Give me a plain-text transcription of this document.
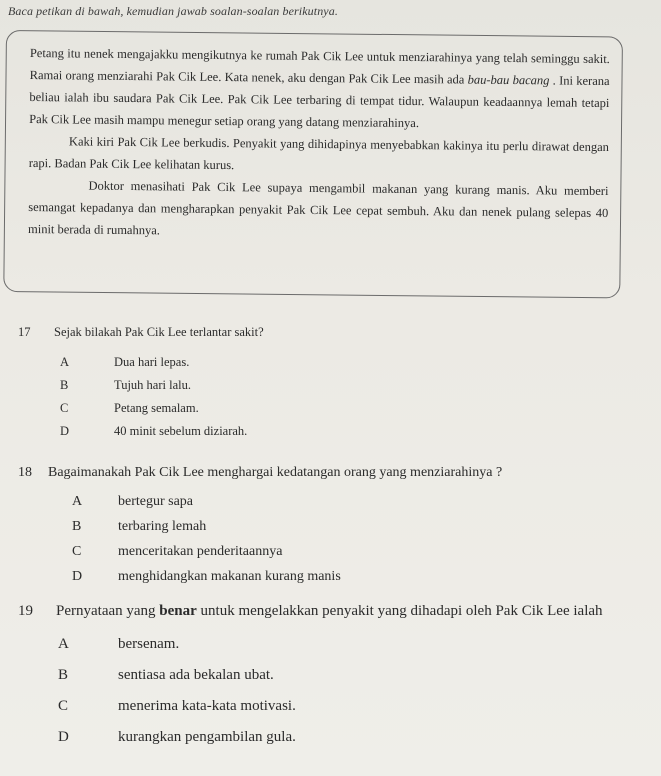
Baca petikan di bawah, kemudian jawab soalan-soalan berikutnya.

Petang itu nenek mengajakku mengikutnya ke rumah Pak Cik Lee untuk menziarahinya yang telah seminggu sakit. Ramai orang menziarahi Pak Cik Lee. Kata nenek, aku dengan Pak Cik Lee masih ada bau-bau bacang . Ini kerana beliau ialah ibu saudara Pak Cik Lee. Pak Cik Lee terbaring di tempat tidur. Walaupun keadaannya lemah tetapi Pak Cik Lee masih mampu menegur setiap orang yang datang menziarahinya.

Kaki kiri Pak Cik Lee berkudis. Penyakit yang dihidapinya menyebabkan kakinya itu perlu dirawat dengan rapi. Badan Pak Cik Lee kelihatan kurus.

Doktor menasihati Pak Cik Lee supaya mengambil makanan yang kurang manis. Aku memberi semangat kepadanya dan mengharapkan penyakit Pak Cik Lee cepat sembuh. Aku dan nenek pulang selepas 40 minit berada di rumahnya.

17 Sejak bilakah Pak Cik Lee terlantar sakit?
A	Dua hari lepas.
B	Tujuh hari lalu.
C	Petang semalam.
D	40 minit sebelum diziarah.
18 Bagaimanakah Pak Cik Lee menghargai kedatangan orang yang menziarahinya ?
A	bertegur sapa
B	terbaring lemah
C	menceritakan penderitaannya
D	menghidangkan makanan kurang manis
19 Pernyataan yang benar untuk mengelakkan penyakit yang dihadapi oleh Pak Cik Lee ialah
A	bersenam.
B	sentiasa ada bekalan ubat.
C	menerima kata-kata motivasi.
D	kurangkan pengambilan gula.
